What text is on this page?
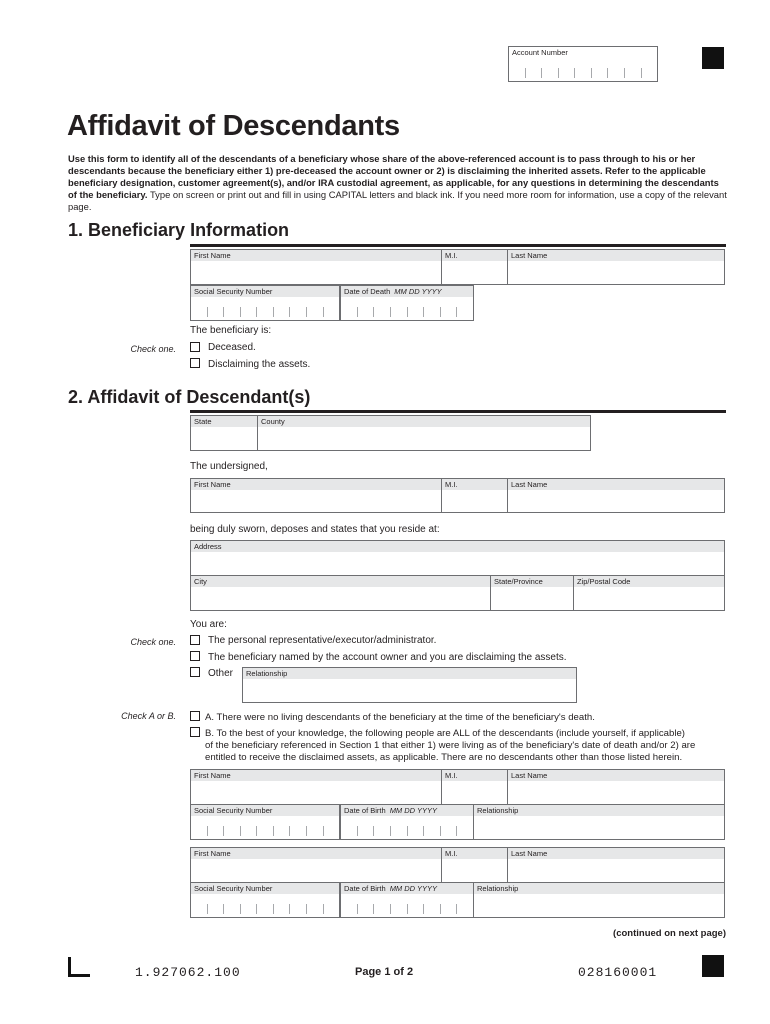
Account Number
Affidavit of Descendants
Use this form to identify all of the descendants of a beneficiary whose share of the above-referenced account is to pass through to his or her descendants because the beneficiary either 1) pre-deceased the account owner or 2) is disclaiming the inherited assets. Refer to the applicable beneficiary designation, customer agreement(s), and/or IRA custodial agreement, as applicable, for any questions in determining the descendants of the beneficiary. Type on screen or print out and fill in using CAPITAL letters and black ink. If you need more room for information, use a copy of the relevant page.
1. Beneficiary Information
First Name	M.I.	Last Name
Social Security Number	Date of Death MM DD YYYY
The beneficiary is:
Check one.	Deceased.
Disclaiming the assets.
2. Affidavit of Descendant(s)
State	County
The undersigned,
First Name	M.I.	Last Name
being duly sworn, deposes and states that you reside at:
Address
City	State/Province	Zip/Postal Code
You are:
Check one.	The personal representative/executor/administrator.
The beneficiary named by the account owner and you are disclaiming the assets.
Other	Relationship
Check A or B.	A. There were no living descendants of the beneficiary at the time of the beneficiary's death.
B. To the best of your knowledge, the following people are ALL of the descendants (include yourself, if applicable)
of the beneficiary referenced in Section 1 that either 1) were living as of the beneficiary's date of death and/or 2) are
entitled to receive the disclaimed assets, as applicable. There are no descendants other than those listed herein.
First Name	M.I.	Last Name
Social Security Number	Date of Birth MM DD YYYY	Relationship
First Name	M.I.	Last Name
Social Security Number	Date of Birth MM DD YYYY	Relationship
(continued on next page)
1.927062.100	Page 1 of 2	028160001
